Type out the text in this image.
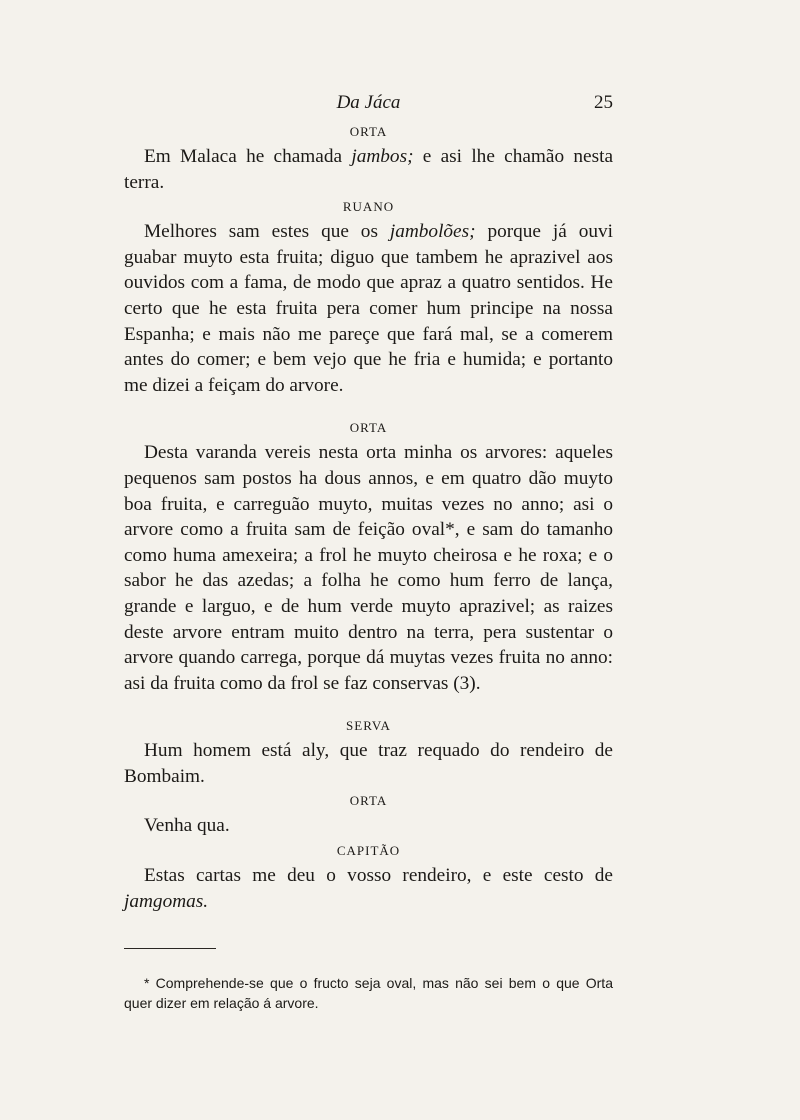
Da Jáca	25
ORTA

Em Malaca he chamada jambos; e asi lhe chamão nesta terra.

RUANO

Melhores sam estes que os jambolões; porque já ouvi guabar muyto esta fruita; diguo que tambem he aprazivel aos ouvidos com a fama, de modo que apraz a quatro sentidos. He certo que he esta fruita pera comer hum principe na nossa Espanha; e mais não me pareçe que fará mal, se a comerem antes do comer; e bem vejo que he fria e humida; e portanto me dizei a feiçam do arvore.

ORTA

Desta varanda vereis nesta orta minha os arvores: aqueles pequenos sam postos ha dous annos, e em quatro dão muyto boa fruita, e carreguão muyto, muitas vezes no anno; asi o arvore como a fruita sam de feição oval*, e sam do tamanho como huma amexeira; a frol he muyto cheirosa e he roxa; e o sabor he das azedas; a folha he como hum ferro de lança, grande e larguo, e de hum verde muyto aprazivel; as raizes deste arvore entram muito dentro na terra, pera sustentar o arvore quando carrega, porque dá muytas vezes fruita no anno: asi da fruita como da frol se faz conservas (3).

SERVA

Hum homem está aly, que traz requado do rendeiro de Bombaim.

ORTA

Venha qua.

CAPITÃO

Estas cartas me deu o vosso rendeiro, e este cesto de jamgomas.

* Comprehende-se que o fructo seja oval, mas não sei bem o que Orta quer dizer em relação á arvore.
